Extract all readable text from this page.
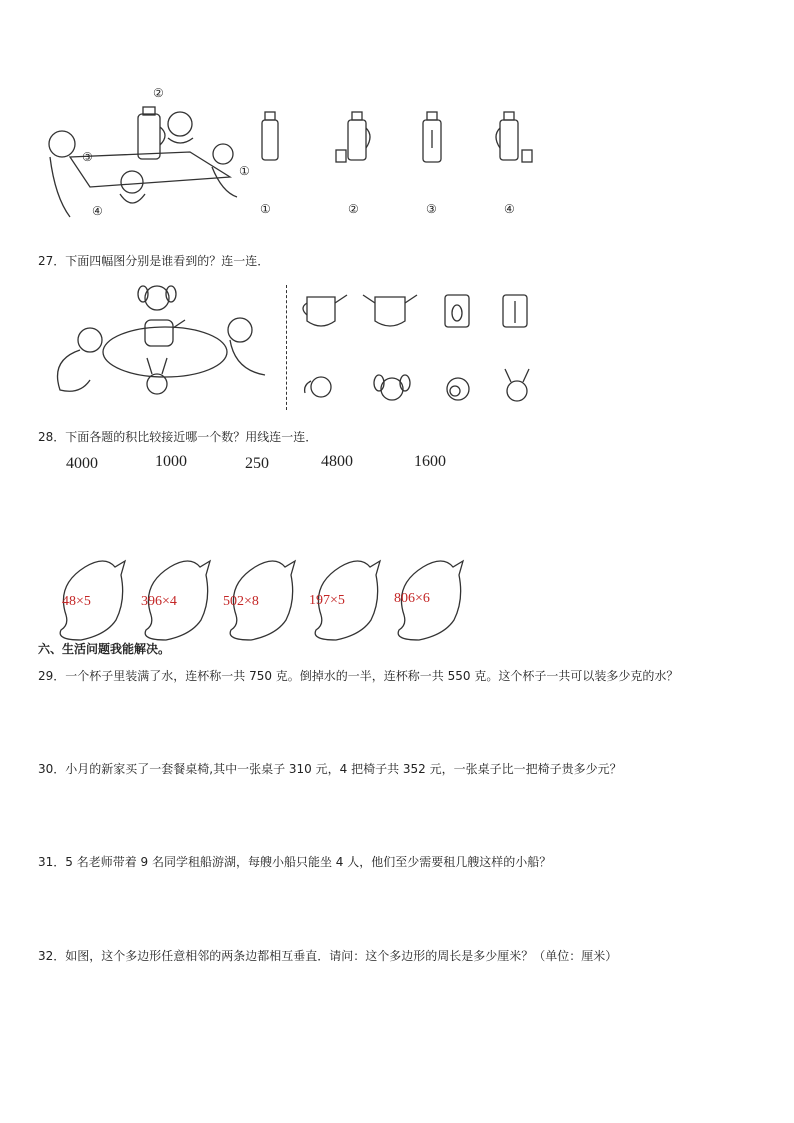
②
①
③
④	①	②	③	④
27．下面四幅图分别是谁看到的？连一连．
28．下面各题的积比较接近哪一个数？用线连一连．
4000	1000	250	4800	1600
48×5	396×4	502×8	197×5	806×6
六、生活问题我能解决。
29．一个杯子里装满了水，连杯称一共 750 克。倒掉水的一半，连杯称一共 550 克。这个杯子一共可以装多少克的水？
30．小月的新家买了一套餐桌椅,其中一张桌子 310 元，4 把椅子共 352 元，一张桌子比一把椅子贵多少元？
31．5 名老师带着 9 名同学租船游湖，每艘小船只能坐 4 人，他们至少需要租几艘这样的小船？
32．如图，这个多边形任意相邻的两条边都相互垂直．请问：这个多边形的周长是多少厘米？（单位：厘米）
